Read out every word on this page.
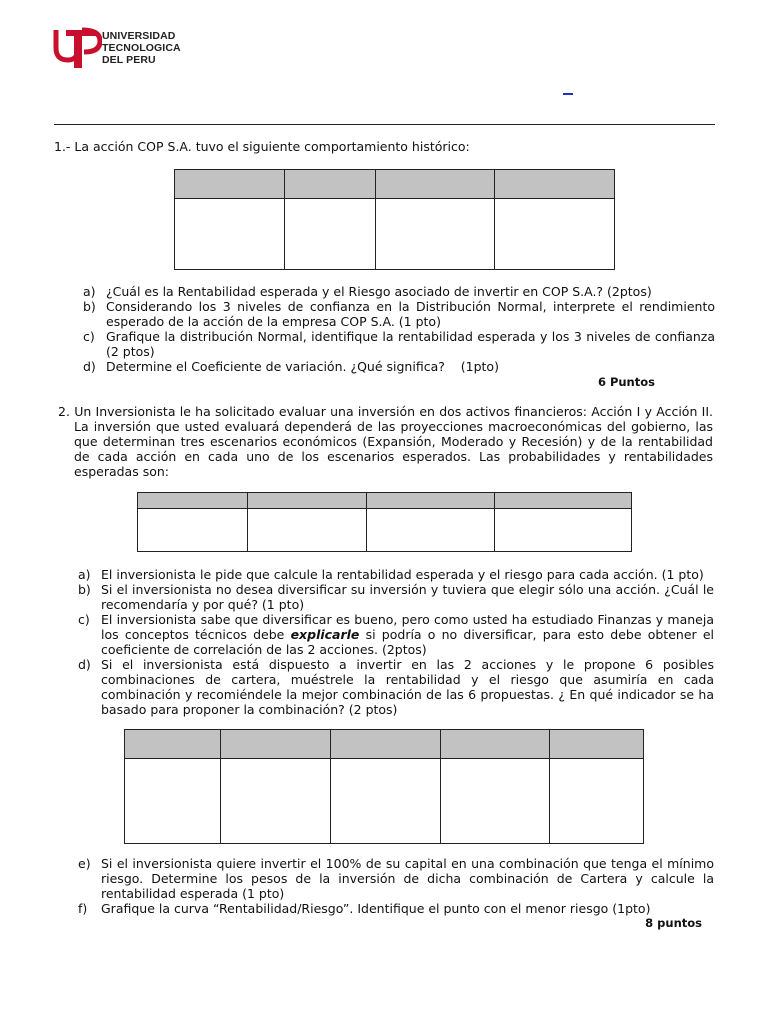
UNIVERSIDAD
TECNOLOGICA
DEL PERU
1.- La acción COP S.A. tuvo el siguiente comportamiento histórico:

a) ¿Cuál es la Rentabilidad esperada y el Riesgo asociado de invertir en COP S.A.? (2ptos)
b) Considerando los 3 niveles de confianza en la Distribución Normal, interprete el rendimiento esperado de la acción de la empresa COP S.A. (1 pto)
c) Grafique la distribución Normal, identifique la rentabilidad esperada y los 3 niveles de confianza (2 ptos)
d) Determine el Coeficiente de variación. ¿Qué significa?    (1pto)
6 Puntos
2. Un Inversionista le ha solicitado evaluar una inversión en dos activos financieros: Acción I y Acción II. La inversión que usted evaluará dependerá de las proyecciones macroeconómicas del gobierno, las que determinan tres escenarios económicos (Expansión, Moderado y Recesión) y de la rentabilidad de cada acción en cada uno de los escenarios esperados. Las probabilidades y rentabilidades esperadas son:

a) El inversionista le pide que calcule la rentabilidad esperada y el riesgo para cada acción. (1 pto)
b) Si el inversionista no desea diversificar su inversión y tuviera que elegir sólo una acción. ¿Cuál le recomendaría y por qué? (1 pto)
c) El inversionista sabe que diversificar es bueno, pero como usted ha estudiado Finanzas y maneja los conceptos técnicos debe explicarle si podría o no diversificar, para esto debe obtener el coeficiente de correlación de las 2 acciones. (2ptos)
d) Si el inversionista está dispuesto a invertir en las 2 acciones y le propone 6 posibles combinaciones de cartera, muéstrele la rentabilidad y el riesgo que asumiría en cada combinación y recomiéndele la mejor combinación de las 6 propuestas. ¿ En qué indicador se ha basado para proponer la combinación? (2 ptos)

e) Si el inversionista quiere invertir el 100% de su capital en una combinación que tenga el mínimo riesgo. Determine los pesos de la inversión de dicha combinación de Cartera y calcule la rentabilidad esperada (1 pto)
f) Grafique la curva “Rentabilidad/Riesgo”. Identifique el punto con el menor riesgo (1pto)
8 puntos
